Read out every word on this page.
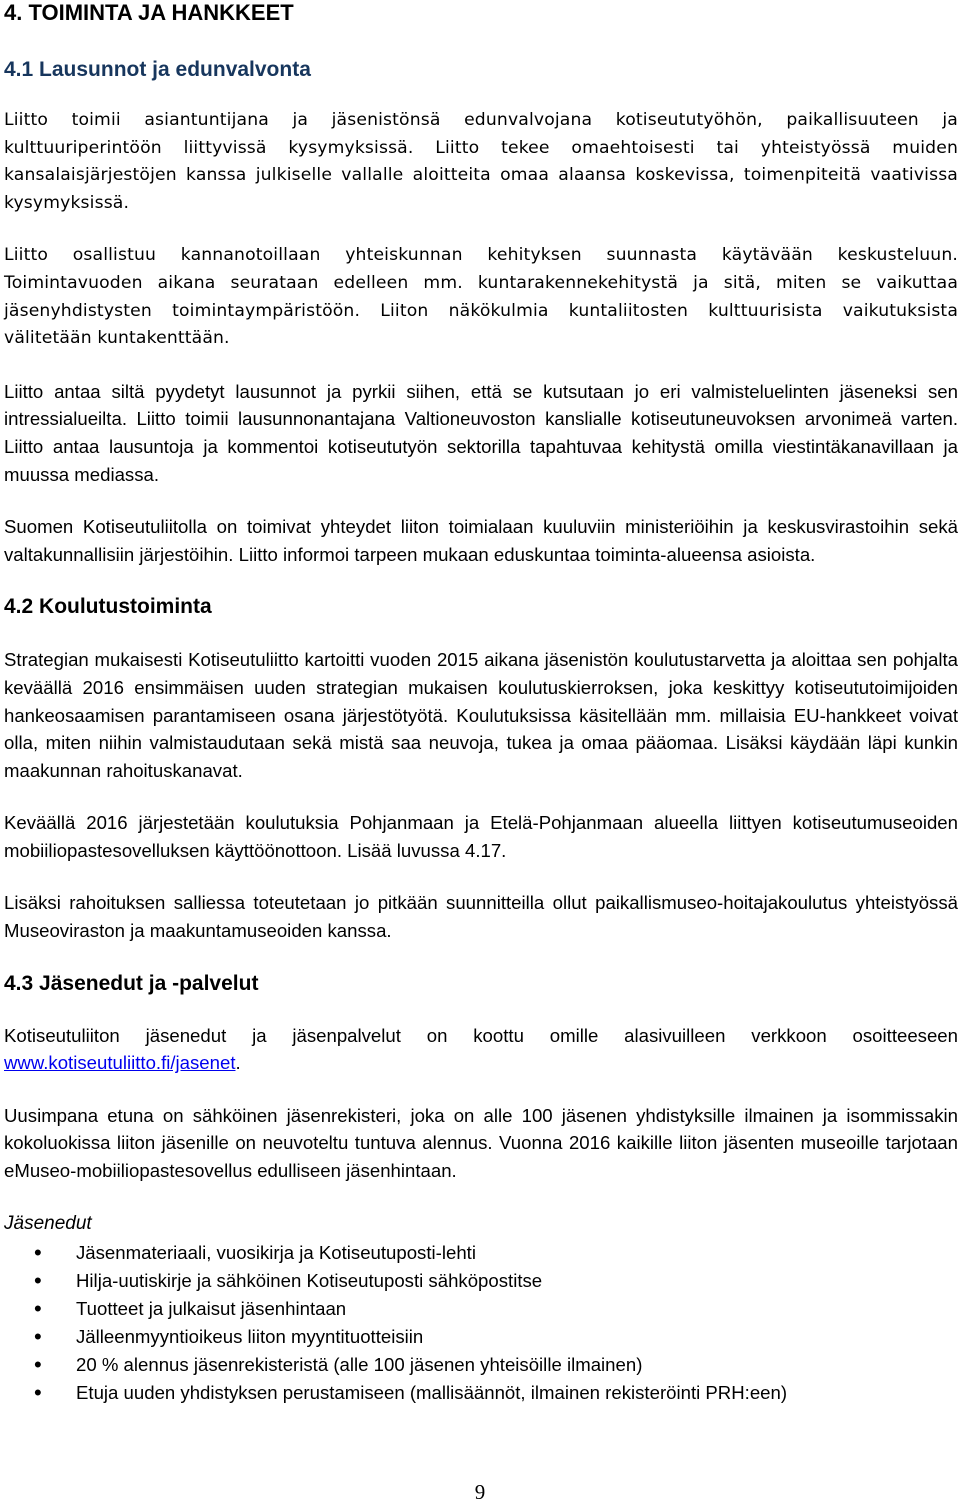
4. TOIMINTA JA HANKKEET
4.1 Lausunnot ja edunvalvonta

Liitto toimii asiantuntijana ja jäsenistönsä edunvalvojana kotiseututyöhön, paikallisuuteen ja kulttuuriperintöön liittyvissä kysymyksissä. Liitto tekee omaehtoisesti tai yhteistyössä muiden kansalaisjärjestöjen kanssa julkiselle vallalle aloitteita omaa alaansa koskevissa, toimenpiteitä vaativissa kysymyksissä.

Liitto osallistuu kannanotoillaan yhteiskunnan kehityksen suunnasta käytävään keskusteluun. Toimintavuoden aikana seurataan edelleen mm. kuntarakennekehitystä ja sitä, miten se vaikuttaa jäsenyhdistysten toimintaympäristöön. Liiton näkökulmia kuntaliitosten kulttuurisista vaikutuksista välitetään kuntakenttään.

Liitto antaa siltä pyydetyt lausunnot ja pyrkii siihen, että se kutsutaan jo eri valmisteluelinten jäseneksi sen intressialueilta. Liitto toimii lausunnonantajana Valtioneuvoston kanslialle kotiseutuneuvoksen arvonimeä varten. Liitto antaa lausuntoja ja kommentoi kotiseututyön sektorilla tapahtuvaa kehitystä omilla viestintäkanavillaan ja muussa mediassa.

Suomen Kotiseutuliitolla on toimivat yhteydet liiton toimialaan kuuluviin ministeriöihin ja keskusvirastoihin sekä valtakunnallisiin järjestöihin. Liitto informoi tarpeen mukaan eduskuntaa toiminta-alueensa asioista.

4.2 Koulutustoiminta

Strategian mukaisesti Kotiseutuliitto kartoitti vuoden 2015 aikana jäsenistön koulutustarvetta ja aloittaa sen pohjalta keväällä 2016 ensimmäisen uuden strategian mukaisen koulutuskierroksen, joka keskittyy kotiseututoimijoiden hankeosaamisen parantamiseen osana järjestötyötä. Koulutuksissa käsitellään mm. millaisia EU-hankkeet voivat olla, miten niihin valmistaudutaan sekä mistä saa neuvoja, tukea ja omaa pääomaa. Lisäksi käydään läpi kunkin maakunnan rahoituskanavat.

Keväällä 2016 järjestetään koulutuksia Pohjanmaan ja Etelä-Pohjanmaan alueella liittyen kotiseutumuseoiden mobiiliopastesovelluksen käyttöönottoon. Lisää luvussa 4.17.

Lisäksi rahoituksen salliessa toteutetaan jo pitkään suunnitteilla ollut paikallismuseo-hoitajakoulutus yhteistyössä Museoviraston ja maakuntamuseoiden kanssa.

4.3 Jäsenedut ja -palvelut

Kotiseutuliiton jäsenedut ja jäsenpalvelut on koottu omille alasivuilleen verkkoon osoitteeseen www.kotiseutuliitto.fi/jasenet.

Uusimpana etuna on sähköinen jäsenrekisteri, joka on alle 100 jäsenen yhdistyksille ilmainen ja isommissakin kokoluokissa liiton jäsenille on neuvoteltu tuntuva alennus. Vuonna 2016 kaikille liiton jäsenten museoille tarjotaan eMuseo-mobiiliopastesovellus edulliseen jäsenhintaan.

Jäsenedut

• Jäsenmateriaali, vuosikirja ja Kotiseutuposti-lehti
• Hilja-uutiskirje ja sähköinen Kotiseutuposti sähköpostitse
• Tuotteet ja julkaisut jäsenhintaan
• Jälleenmyyntioikeus liiton myyntituotteisiin
• 20 % alennus jäsenrekisteristä (alle 100 jäsenen yhteisöille ilmainen)
• Etuja uuden yhdistyksen perustamiseen (mallisäännöt, ilmainen rekisteröinti PRH:een)
9
